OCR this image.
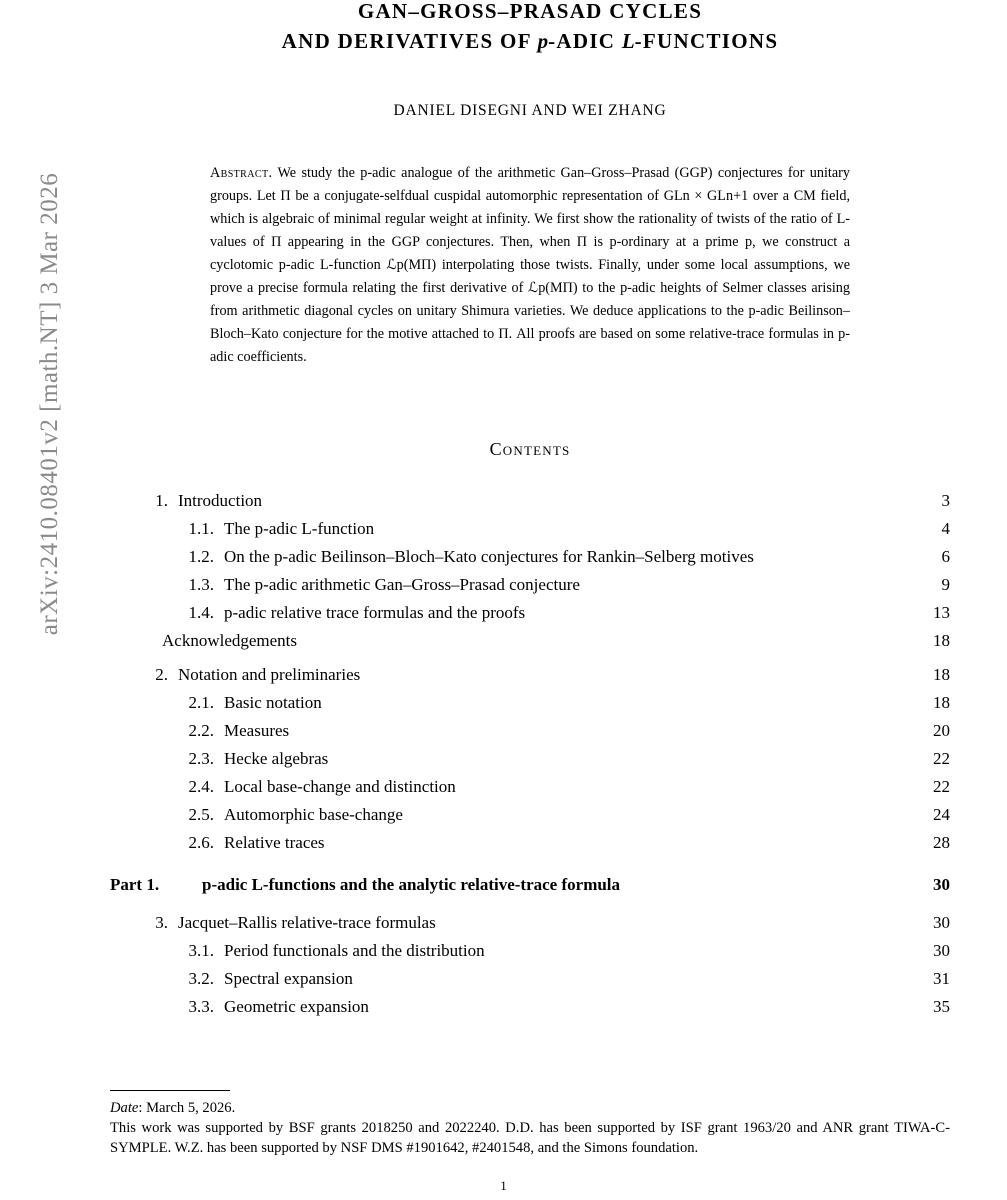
arXiv:2410.08401v2 [math.NT] 3 Mar 2026
GAN–GROSS–PRASAD CYCLES
AND DERIVATIVES OF p-ADIC L-FUNCTIONS
DANIEL DISEGNI AND WEI ZHANG
Abstract. We study the p-adic analogue of the arithmetic Gan–Gross–Prasad (GGP) conjectures for unitary groups. Let Π be a conjugate-selfdual cuspidal automorphic representation of GLn × GLn+1 over a CM field, which is algebraic of minimal regular weight at infinity. We first show the rationality of twists of the ratio of L-values of Π appearing in the GGP conjectures. Then, when Π is p-ordinary at a prime p, we construct a cyclotomic p-adic L-function ℒp(MΠ) interpolating those twists. Finally, under some local assumptions, we prove a precise formula relating the first derivative of ℒp(MΠ) to the p-adic heights of Selmer classes arising from arithmetic diagonal cycles on unitary Shimura varieties. We deduce applications to the p-adic Beilinson–Bloch–Kato conjecture for the motive attached to Π. All proofs are based on some relative-trace formulas in p-adic coefficients.
Contents
1. Introduction	3
1.1. The p-adic L-function	4
1.2. On the p-adic Beilinson–Bloch–Kato conjectures for Rankin–Selberg motives	6
1.3. The p-adic arithmetic Gan–Gross–Prasad conjecture	9
1.4. p-adic relative trace formulas and the proofs	13
Acknowledgements	18
2. Notation and preliminaries	18
2.1. Basic notation	18
2.2. Measures	20
2.3. Hecke algebras	22
2.4. Local base-change and distinction	22
2.5. Automorphic base-change	24
2.6. Relative traces	28
Part 1.	p-adic L-functions and the analytic relative-trace formula	30
3. Jacquet–Rallis relative-trace formulas	30
3.1. Period functionals and the distribution	30
3.2. Spectral expansion	31
3.3. Geometric expansion	35
Date: March 5, 2026.
This work was supported by BSF grants 2018250 and 2022240. D.D. has been supported by ISF grant 1963/20 and ANR grant TIWA-C-SYMPLE. W.Z. has been supported by NSF DMS #1901642, #2401548, and the Simons foundation.
1
